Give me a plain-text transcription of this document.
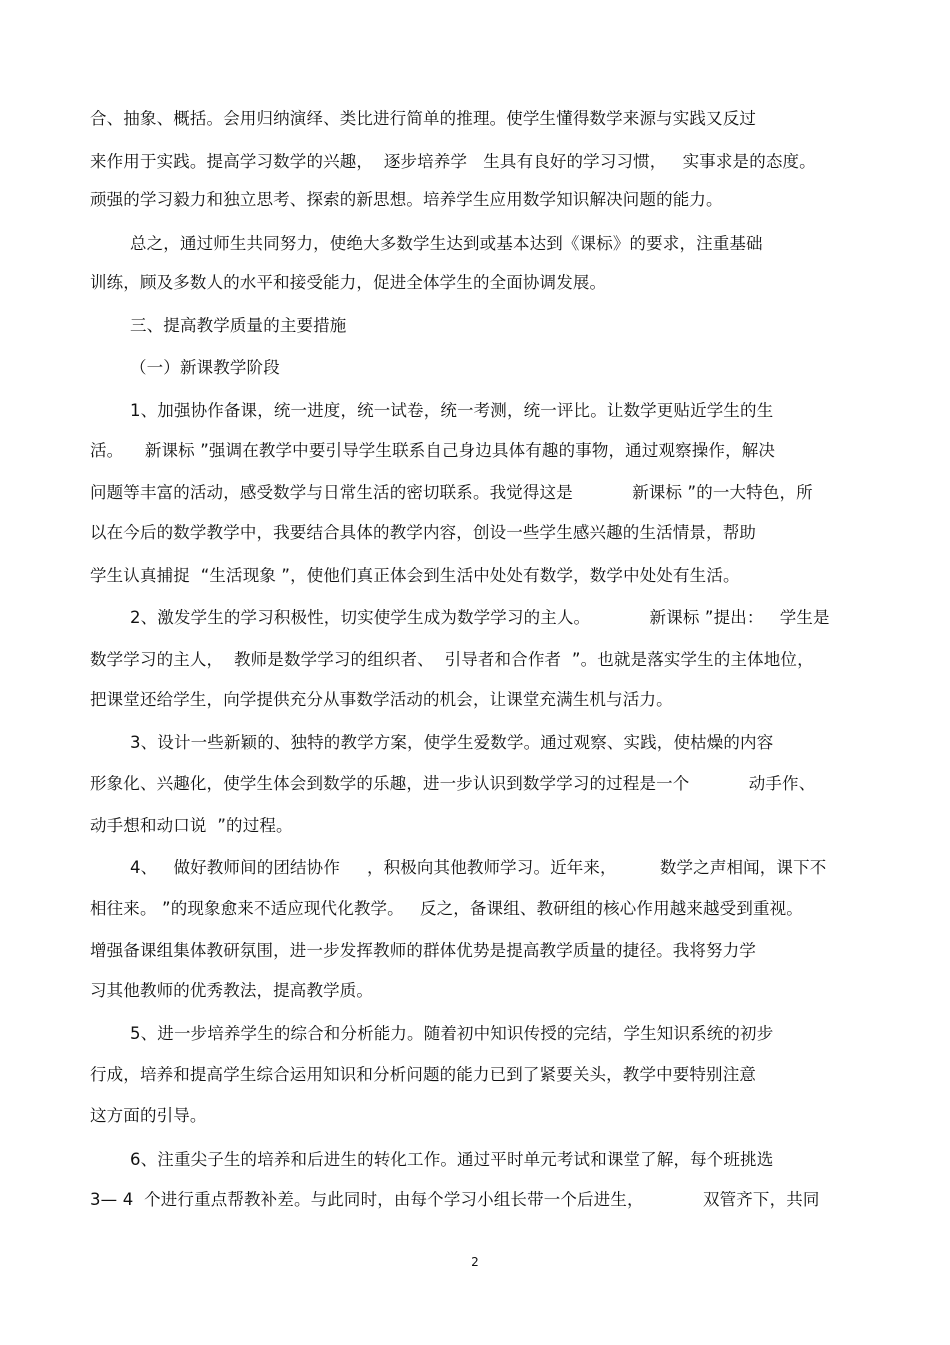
合、抽象、概括。会用归纳演绎、类比进行简单的推理。使学生懂得数学来源与实践又反过
来作用于实践。提高学习数学的兴趣，  逐步培养学   生具有良好的学习习惯，   实事求是的态度。
顽强的学习毅力和独立思考、探索的新思想。培养学生应用数学知识解决问题的能力。
总之，通过师生共同努力，使绝大多数学生达到或基本达到《课标》的要求，注重基础
训练，顾及多数人的水平和接受能力，促进全体学生的全面协调发展。
三、提高教学质量的主要措施
（一）新课教学阶段
1、加强协作备课，统一进度，统一试卷，统一考测，统一评比。让数学更贴近学生的生
活。    新课标 ”强调在教学中要引导学生联系自己身边具体有趣的事物，通过观察操作，解决
问题等丰富的活动，感受数学与日常生活的密切联系。我觉得这是           新课标 ”的一大特色，所
以在今后的数学教学中，我要结合具体的教学内容，创设一些学生感兴趣的生活情景，帮助
学生认真捕捉  “生活现象 ”，使他们真正体会到生活中处处有数学，数学中处处有生活。
2、激发学生的学习积极性，切实使学生成为数学学习的主人。           新课标 ”提出：   学生是
数学学习的主人，  教师是数学学习的组织者、  引导者和合作者  ”。也就是落实学生的主体地位，
把课堂还给学生，向学提供充分从事数学活动的机会，让课堂充满生机与活力。
3、设计一些新颖的、独特的教学方案，使学生爱数学。通过观察、实践，使枯燥的内容
形象化、兴趣化，使学生体会到数学的乐趣，进一步认识到数学学习的过程是一个           动手作、
动手想和动口说  ”的过程。
4、   做好教师间的团结协作     ，积极向其他教师学习。近年来，        数学之声相闻，课下不
相往来。 ”的现象愈来不适应现代化教学。   反之，备课组、教研组的核心作用越来越受到重视。
增强备课组集体教研氛围，进一步发挥教师的群体优势是提高教学质量的捷径。我将努力学
习其他教师的优秀教法，提高教学质。
5、进一步培养学生的综合和分析能力。随着初中知识传授的完结，学生知识系统的初步
行成，培养和提高学生综合运用知识和分析问题的能力已到了紧要关头，教学中要特别注意
这方面的引导。
6、注重尖子生的培养和后进生的转化工作。通过平时单元考试和课堂了解，每个班挑选
3— 4  个进行重点帮教补差。与此同时，由每个学习小组长带一个后进生，           双管齐下，共同
2
